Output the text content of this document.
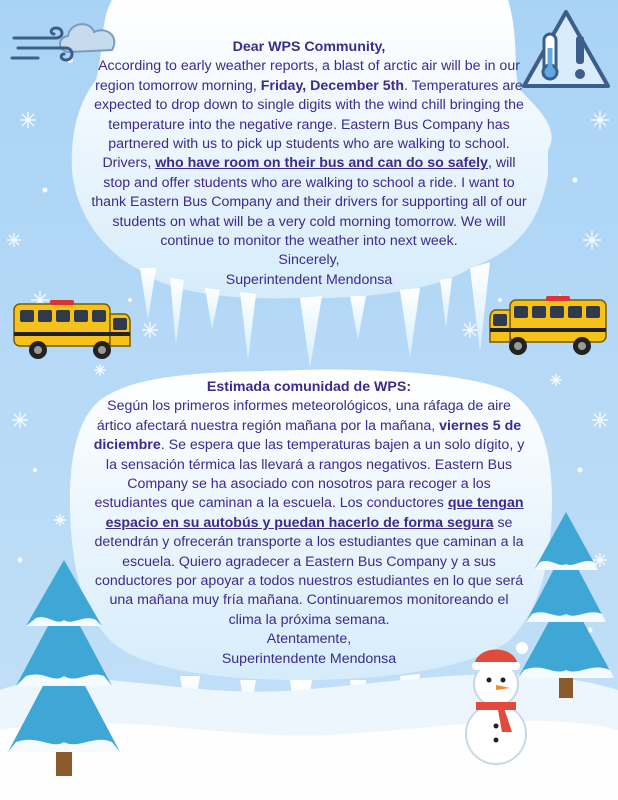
Dear WPS Community,

According to early weather reports, a blast of arctic air will be in our region tomorrow morning, Friday, December 5th. Temperatures are expected to drop down to single digits with the wind chill bringing the temperature into the negative range. Eastern Bus Company has partnered with us to pick up students who are walking to school. Drivers, who have room on their bus and can do so safely, will stop and offer students who are walking to school a ride. I want to thank Eastern Bus Company and their drivers for supporting all of our students on what will be a very cold morning tomorrow. We will continue to monitor the weather into next week.

Sincerely,

Superintendent Mendonsa

Estimada comunidad de WPS:

Según los primeros informes meteorológicos, una ráfaga de aire ártico afectará nuestra región mañana por la mañana, viernes 5 de diciembre. Se espera que las temperaturas bajen a un solo dígito, y la sensación térmica las llevará a rangos negativos. Eastern Bus Company se ha asociado con nosotros para recoger a los estudiantes que caminan a la escuela. Los conductores que tengan espacio en su autobús y puedan hacerlo de forma segura se detendrán y ofrecerán transporte a los estudiantes que caminan a la escuela. Quiero agradecer a Eastern Bus Company y a sus conductores por apoyar a todos nuestros estudiantes en lo que será una mañana muy fría mañana. Continuaremos monitoreando el clima la próxima semana.

Atentamente,

Superintendente Mendonsa
